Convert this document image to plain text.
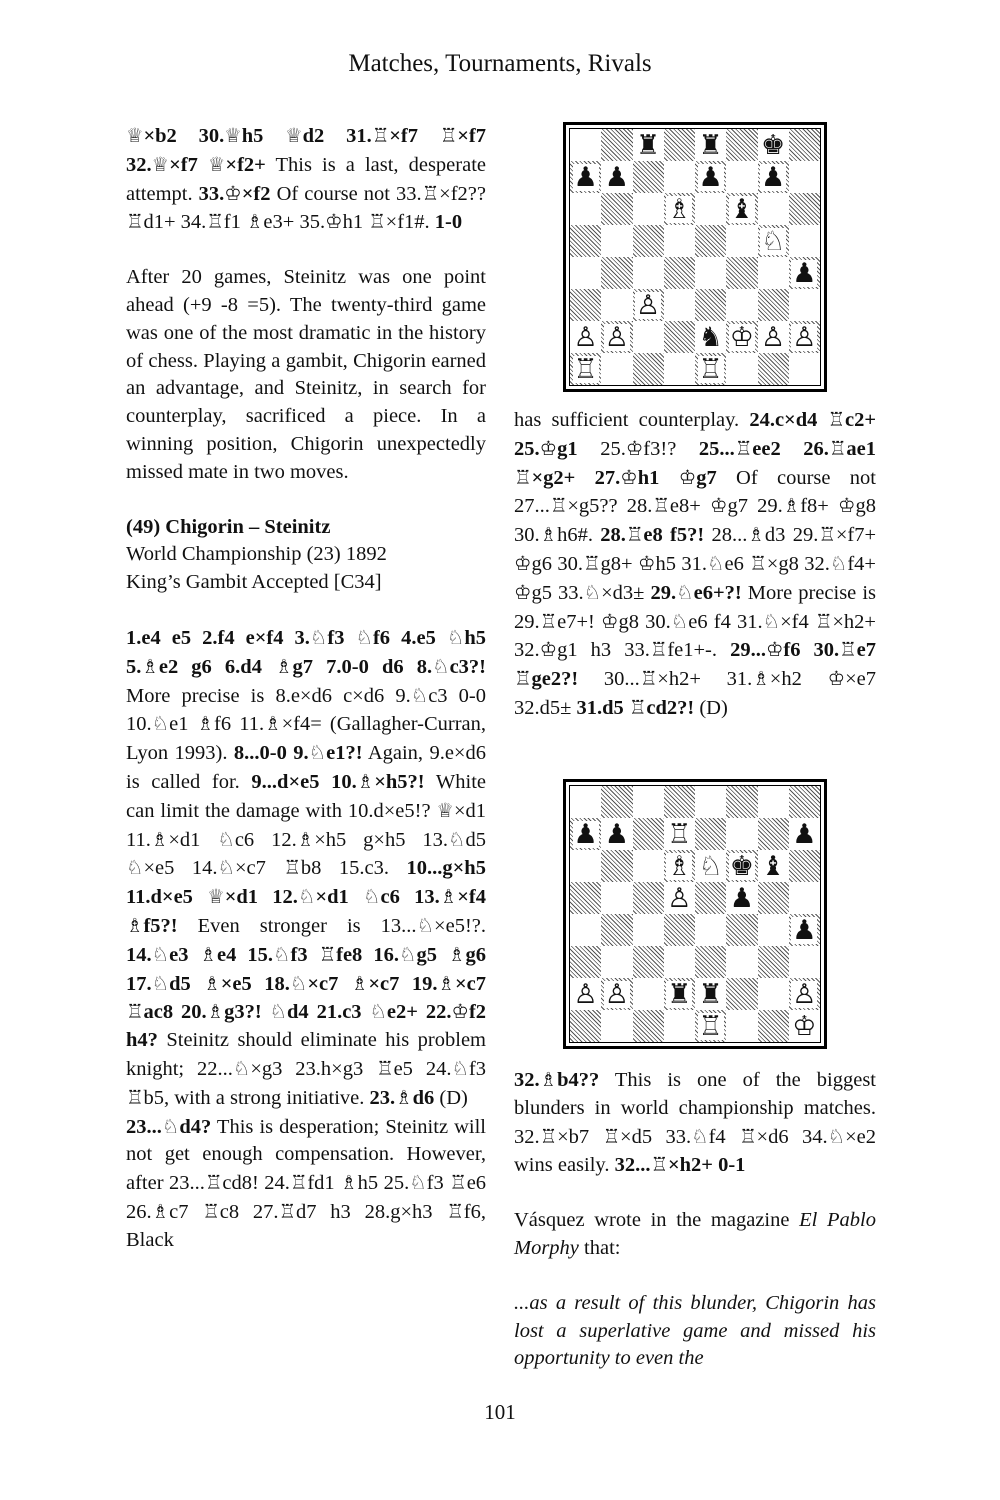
Matches, Tournaments, Rivals

♕×b2 30.♕h5 ♕d2 31.♖×f7 ♖×f7 32.♕×f7 ♕×f2+ This is a last, desperate attempt. 33.♔×f2 Of course not 33.♖×f2?? ♖d1+ 34.♖f1 ♗e3+ 35.♔h1 ♖×f1#. 1-0

After 20 games, Steinitz was one point ahead (+9 -8 =5). The twenty-third game was one of the most dramatic in the history of chess. Playing a gambit, Chigorin earned an advantage, and Steinitz, in search for counterplay, sacrificed a piece. In a winning position, Chigorin unexpectedly missed mate in two moves.

(49) Chigorin – Steinitz

World Championship (23) 1892

King’s Gambit Accepted [C34]

1.e4 e5 2.f4 e×f4 3.♘f3 ♘f6 4.e5 ♘h5 5.♗e2 g6 6.d4 ♗g7 7.0-0 d6 8.♘c3?! More precise is 8.e×d6 c×d6 9.♘c3 0-0 10.♘e1 ♗f6 11.♗×f4= (Gallagher-Curran, Lyon 1993). 8...0-0 9.♘e1?! Again, 9.e×d6 is called for. 9...d×e5 10.♗×h5?! White can limit the damage with 10.d×e5!? ♕×d1 11.♗×d1 ♘c6 12.♗×h5 g×h5 13.♘d5 ♘×e5 14.♘×c7 ♖b8 15.c3. 10...g×h5 11.d×e5 ♕×d1 12.♘×d1 ♘c6 13.♗×f4 ♗f5?! Even stronger is 13...♘×e5!?. 14.♘e3 ♗e4 15.♘f3 ♖fe8 16.♘g5 ♗g6 17.♘d5 ♗×e5 18.♘×c7 ♗×c7 19.♗×c7 ♖ac8 20.♗g3?! ♘d4 21.c3 ♘e2+ 22.♔f2 h4? Steinitz should eliminate his problem knight; 22...♘×g3 23.h×g3 ♖e5 24.♘f3 ♖b5, with a strong initiative. 23.♗d6 (D)

23...♘d4? This is desperation; Steinitz will not get enough compensation. However, after 23...♖cd8! 24.♖fd1 ♗h5 25.♘f3 ♖e6 26.♗c7 ♖c8 27.♖d7 h3 28.g×h3 ♖f6, Black

♜ ♜ ♚
♟ ♟	♟ ♟
♗ ♝
♘
♟
♙
♙ ♙	♞ ♔ ♙ ♙
♖	♖

has sufficient counterplay. 24.c×d4 ♖c2+ 25.♔g1 25.♔f3!? 25...♖ee2 26.♖ae1 ♖×g2+ 27.♔h1 ♔g7 Of course not 27...♖×g5?? 28.♖e8+ ♔g7 29.♗f8+ ♔g8 30.♗h6#. 28.♖e8 f5?! 28...♗d3 29.♖×f7+ ♔g6 30.♖g8+ ♔h5 31.♘e6 ♖×g8 32.♘f4+ ♔g5 33.♘×d3± 29.♘e6+?! More precise is 29.♖e7+! ♔g8 30.♘e6 f4 31.♘×f4 ♖×h2+ 32.♔g1 h3 33.♖fe1+-. 29...♔f6 30.♖e7 ♖ge2?! 30...♖×h2+ 31.♗×h2 ♔×e7 32.d5± 31.d5 ♖cd2?! (D)

♟ ♟ ♖	♟
♗ ♘ ♚ ♝
♙ ♟
♟
♙ ♙ ♜ ♜	♙
♖	♔

32.♗b4?? This is one of the biggest blunders in world championship matches. 32.♖×b7 ♖×d5 33.♘f4 ♖×d6 34.♘×e2 wins easily. 32...♖×h2+ 0-1

Vásquez wrote in the magazine El Pablo Morphy that:

...as a result of this blunder, Chigorin has lost a superlative game and missed his opportunity to even the

101
